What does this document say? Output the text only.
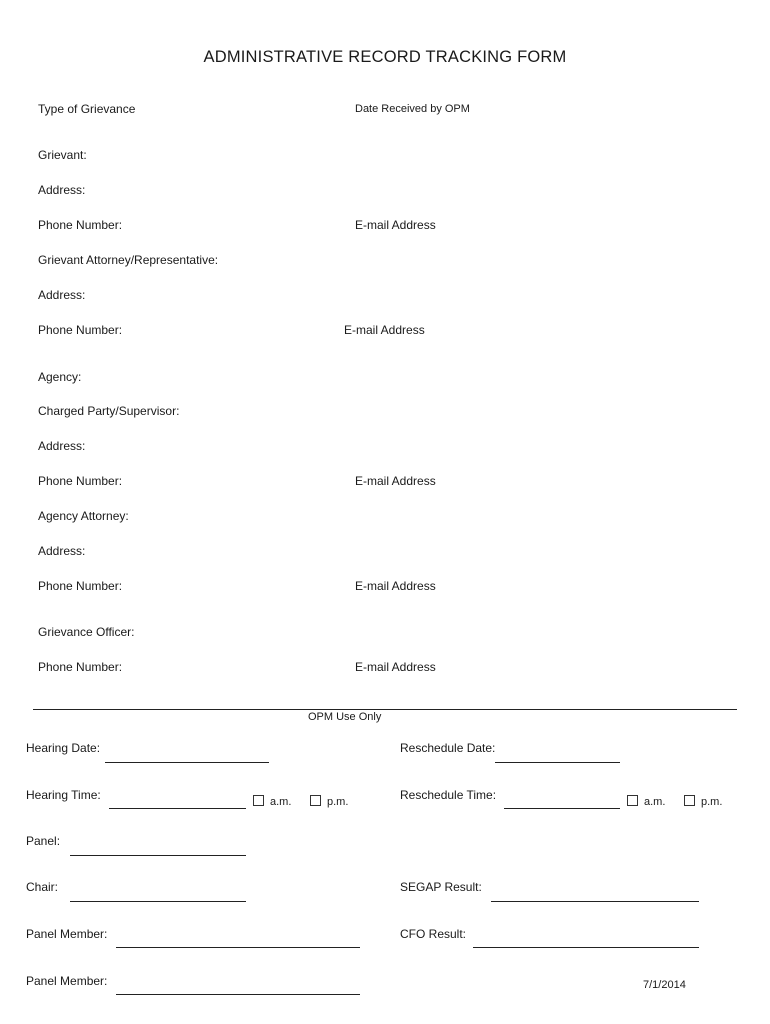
ADMINISTRATIVE RECORD TRACKING FORM
Type of Grievance	Date Received by OPM
Grievant:
Address:
Phone Number:	E-mail Address
Grievant Attorney/Representative:
Address:
Phone Number:	E-mail Address
Agency:
Charged Party/Supervisor:
Address:
Phone Number:	E-mail Address
Agency Attorney:
Address:
Phone Number:	E-mail Address
Grievance Officer:
Phone Number:	E-mail Address
OPM Use Only
Hearing Date:	Reschedule Date:
Hearing Time:	a.m.	p.m.	Reschedule Time:	a.m.	p.m.
Panel:
Chair:	SEGAP Result:
Panel Member:	CFO Result:
Panel Member:	7/1/2014
